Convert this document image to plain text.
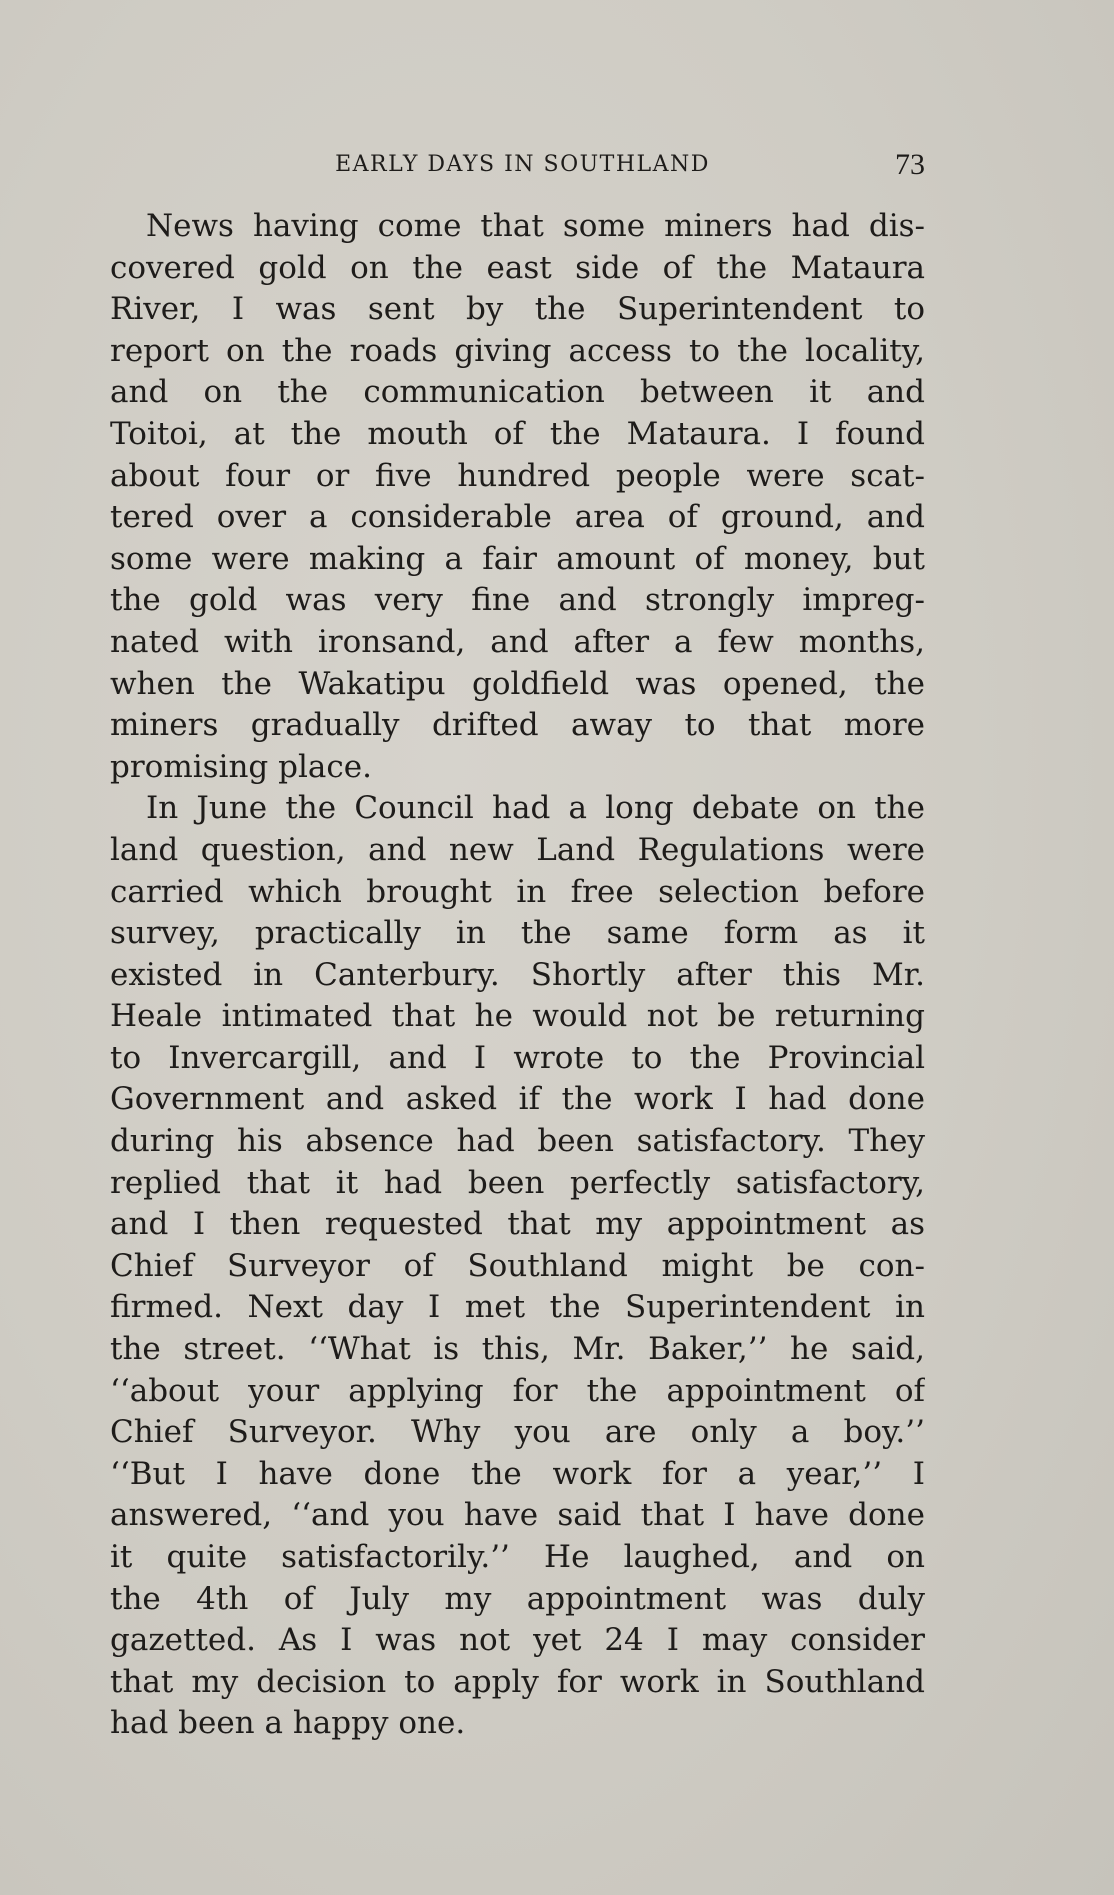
EARLY DAYS IN SOUTHLAND	73
News having come that some miners had dis-
covered gold on the east side of the Mataura
River, I was sent by the Superintendent to
report on the roads giving access to the locality,
and on the communication between it and
Toitoi, at the mouth of the Mataura. I found
about four or five hundred people were scat-
tered over a considerable area of ground, and
some were making a fair amount of money, but
the gold was very fine and strongly impreg-
nated with ironsand, and after a few months,
when the Wakatipu goldfield was opened, the
miners gradually drifted away to that more
promising place.
In June the Council had a long debate on the
land question, and new Land Regulations were
carried which brought in free selection before
survey, practically in the same form as it
existed in Canterbury. Shortly after this Mr.
Heale intimated that he would not be returning
to Invercargill, and I wrote to the Provincial
Government and asked if the work I had done
during his absence had been satisfactory. They
replied that it had been perfectly satisfactory,
and I then requested that my appointment as
Chief Surveyor of Southland might be con-
firmed. Next day I met the Superintendent in
the street. ‘‘What is this, Mr. Baker,’’ he said,
‘‘about your applying for the appointment of
Chief Surveyor. Why you are only a boy.’’
‘‘But I have done the work for a year,’’ I
answered, ‘‘and you have said that I have done
it quite satisfactorily.’’ He laughed, and on
the 4th of July my appointment was duly
gazetted. As I was not yet 24 I may consider
that my decision to apply for work in Southland
had been a happy one.
